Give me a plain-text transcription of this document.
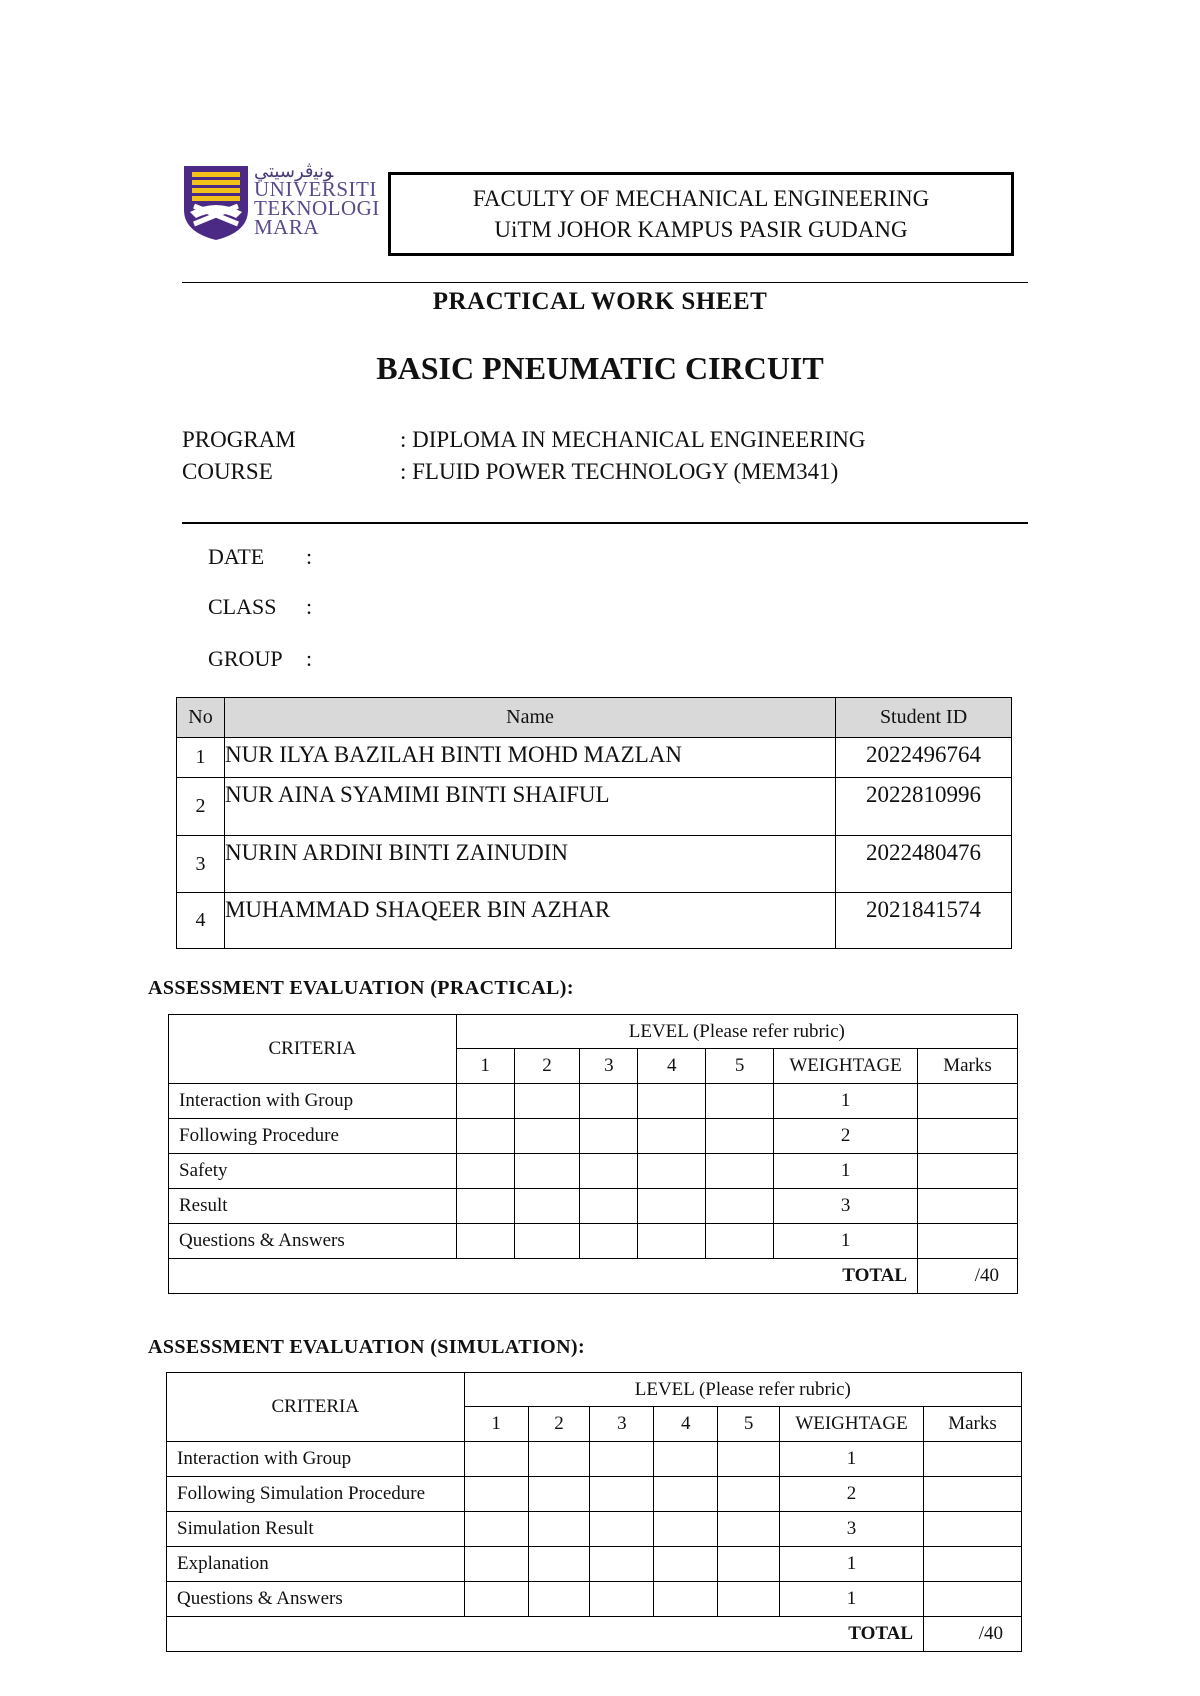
ﻮﻧﻴﭬﺮﺳﻴﺘﻲ
UNIVERSITI
TEKNOLOGI
MARA
FACULTY OF MECHANICAL ENGINEERING
UiTM JOHOR KAMPUS PASIR GUDANG
PRACTICAL WORK SHEET
BASIC PNEUMATIC CIRCUIT
PROGRAM	: DIPLOMA IN MECHANICAL ENGINEERING
COURSE	: FLUID POWER TECHNOLOGY (MEM341)
DATE :
CLASS :
GROUP :
No	Name	Student ID
1	NUR ILYA BAZILAH BINTI MOHD MAZLAN	2022496764
2	NUR AINA SYAMIMI BINTI SHAIFUL	2022810996
3	NURIN ARDINI BINTI ZAINUDIN	2022480476
4	MUHAMMAD SHAQEER BIN AZHAR	2021841574
ASSESSMENT EVALUATION (PRACTICAL):
CRITERIA	LEVEL (Please refer rubric)						
	1	2	3	4	5	WEIGHTAGE	Marks
Interaction with Group						1	
Following Procedure						2	
Safety						1	
Result						3	
Questions & Answers						1	
TOTAL							/40
ASSESSMENT EVALUATION (SIMULATION):
CRITERIA	LEVEL (Please refer rubric)						
	1	2	3	4	5	WEIGHTAGE	Marks
Interaction with Group						1	
Following Simulation Procedure						2	
Simulation Result						3	
Explanation						1	
Questions & Answers						1	
TOTAL							/40
